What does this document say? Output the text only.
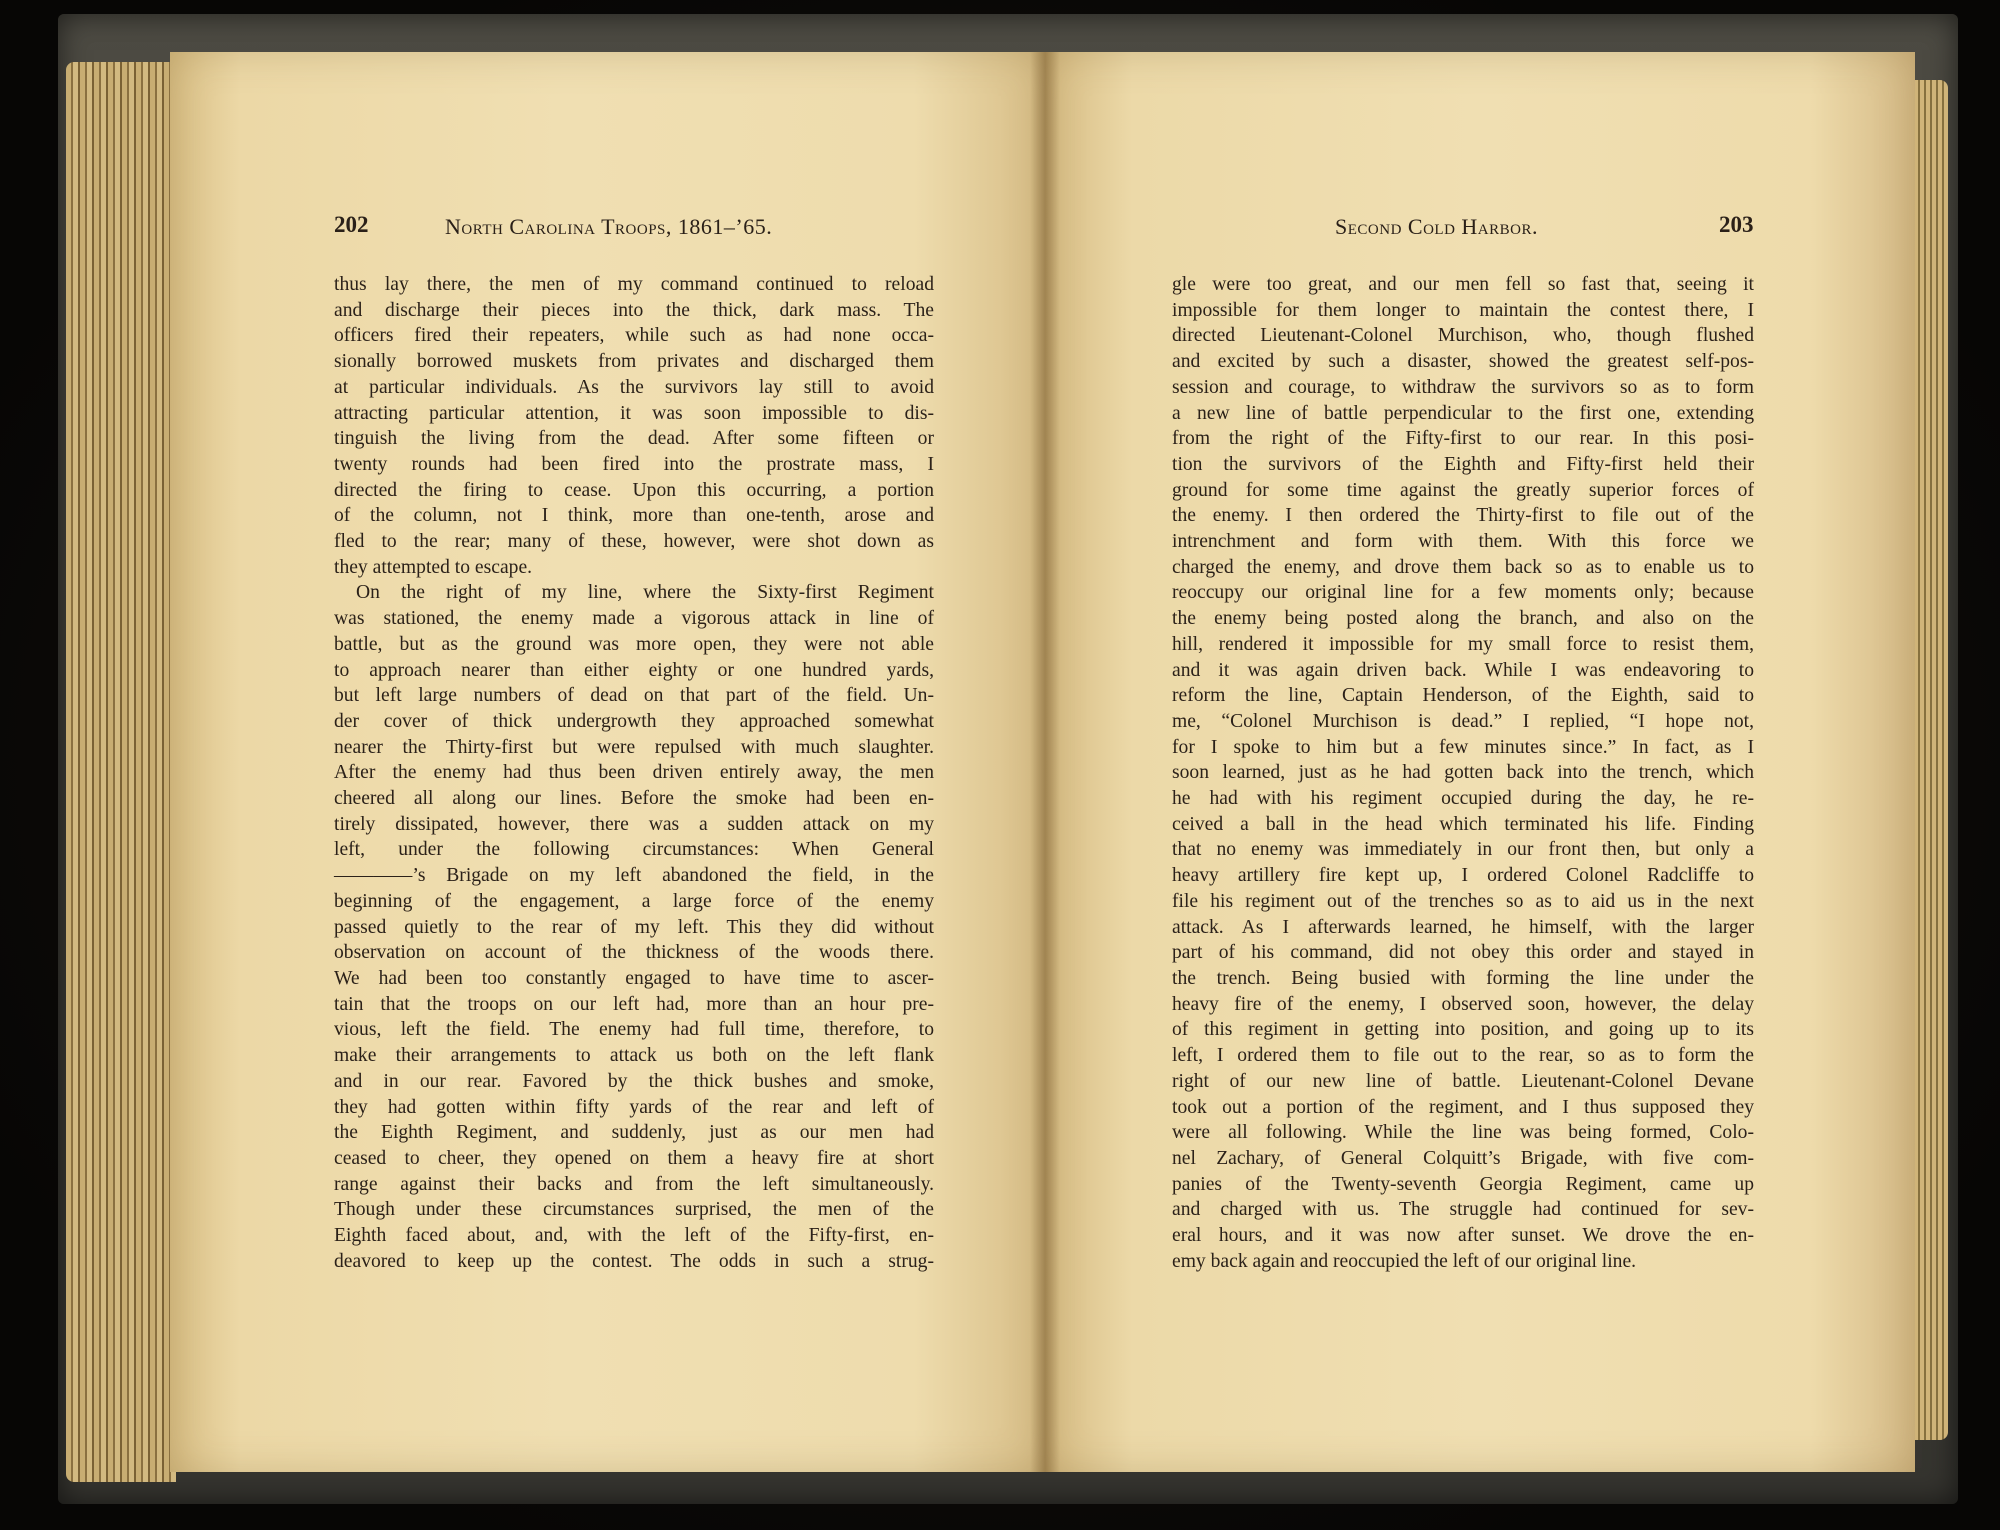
202	North Carolina Troops, 1861–’65.	Second Cold Harbor.	203
thus lay there, the men of my command continued to reload
and discharge their pieces into the thick, dark mass. The
officers fired their repeaters, while such as had none occa-
sionally borrowed muskets from privates and discharged them
at particular individuals. As the survivors lay still to avoid
attracting particular attention, it was soon impossible to dis-
tinguish the living from the dead. After some fifteen or
twenty rounds had been fired into the prostrate mass, I
directed the firing to cease. Upon this occurring, a portion
of the column, not I think, more than one-tenth, arose and
fled to the rear; many of these, however, were shot down as
they attempted to escape.
On the right of my line, where the Sixty-first Regiment
was stationed, the enemy made a vigorous attack in line of
battle, but as the ground was more open, they were not able
to approach nearer than either eighty or one hundred yards,
but left large numbers of dead on that part of the field. Un-
der cover of thick undergrowth they approached somewhat
nearer the Thirty-first but were repulsed with much slaughter.
After the enemy had thus been driven entirely away, the men
cheered all along our lines. Before the smoke had been en-
tirely dissipated, however, there was a sudden attack on my
left, under the following circumstances: When General
————’s Brigade on my left abandoned the field, in the
beginning of the engagement, a large force of the enemy
passed quietly to the rear of my left. This they did without
observation on account of the thickness of the woods there.
We had been too constantly engaged to have time to ascer-
tain that the troops on our left had, more than an hour pre-
vious, left the field. The enemy had full time, therefore, to
make their arrangements to attack us both on the left flank
and in our rear. Favored by the thick bushes and smoke,
they had gotten within fifty yards of the rear and left of
the Eighth Regiment, and suddenly, just as our men had
ceased to cheer, they opened on them a heavy fire at short
range against their backs and from the left simultaneously.
Though under these circumstances surprised, the men of the
Eighth faced about, and, with the left of the Fifty-first, en-
deavored to keep up the contest. The odds in such a strug-
gle were too great, and our men fell so fast that, seeing it
impossible for them longer to maintain the contest there, I
directed Lieutenant-Colonel Murchison, who, though flushed
and excited by such a disaster, showed the greatest self-pos-
session and courage, to withdraw the survivors so as to form
a new line of battle perpendicular to the first one, extending
from the right of the Fifty-first to our rear. In this posi-
tion the survivors of the Eighth and Fifty-first held their
ground for some time against the greatly superior forces of
the enemy. I then ordered the Thirty-first to file out of the
intrenchment and form with them. With this force we
charged the enemy, and drove them back so as to enable us to
reoccupy our original line for a few moments only; because
the enemy being posted along the branch, and also on the
hill, rendered it impossible for my small force to resist them,
and it was again driven back. While I was endeavoring to
reform the line, Captain Henderson, of the Eighth, said to
me, “Colonel Murchison is dead.” I replied, “I hope not,
for I spoke to him but a few minutes since.” In fact, as I
soon learned, just as he had gotten back into the trench, which
he had with his regiment occupied during the day, he re-
ceived a ball in the head which terminated his life. Finding
that no enemy was immediately in our front then, but only a
heavy artillery fire kept up, I ordered Colonel Radcliffe to
file his regiment out of the trenches so as to aid us in the next
attack. As I afterwards learned, he himself, with the larger
part of his command, did not obey this order and stayed in
the trench. Being busied with forming the line under the
heavy fire of the enemy, I observed soon, however, the delay
of this regiment in getting into position, and going up to its
left, I ordered them to file out to the rear, so as to form the
right of our new line of battle. Lieutenant-Colonel Devane
took out a portion of the regiment, and I thus supposed they
were all following. While the line was being formed, Colo-
nel Zachary, of General Colquitt’s Brigade, with five com-
panies of the Twenty-seventh Georgia Regiment, came up
and charged with us. The struggle had continued for sev-
eral hours, and it was now after sunset. We drove the en-
emy back again and reoccupied the left of our original line.
